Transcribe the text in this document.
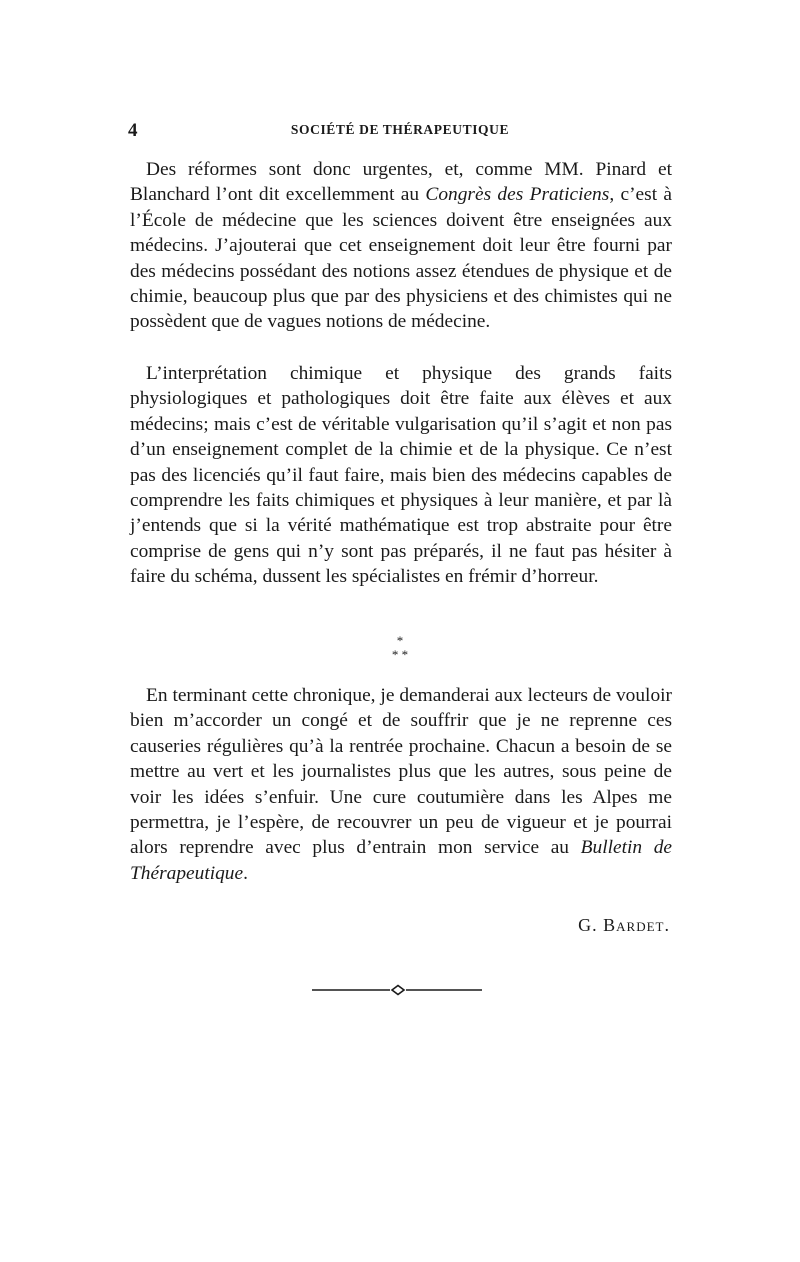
4	SOCIÉTÉ DE THÉRAPEUTIQUE

Des réformes sont donc urgentes, et, comme MM. Pinard et Blanchard l’ont dit excellemment au Congrès des Praticiens, c’est à l’École de médecine que les sciences doivent être enseignées aux médecins. J’ajouterai que cet enseignement doit leur être fourni par des médecins possédant des notions assez étendues de physique et de chimie, beaucoup plus que par des physiciens et des chimistes qui ne possèdent que de vagues notions de médecine.

L’interprétation chimique et physique des grands faits physiologiques et pathologiques doit être faite aux élèves et aux médecins; mais c’est de véritable vulgarisation qu’il s’agit et non pas d’un enseignement complet de la chimie et de la physique. Ce n’est pas des licenciés qu’il faut faire, mais bien des médecins capables de comprendre les faits chimiques et physiques à leur manière, et par là j’entends que si la vérité mathématique est trop abstraite pour être comprise de gens qui n’y sont pas préparés, il ne faut pas hésiter à faire du schéma, dussent les spécialistes en frémir d’horreur.

*
* *

En terminant cette chronique, je demanderai aux lecteurs de vouloir bien m’accorder un congé et de souffrir que je ne reprenne ces causeries régulières qu’à la rentrée prochaine. Chacun a besoin de se mettre au vert et les journalistes plus que les autres, sous peine de voir les idées s’enfuir. Une cure coutumière dans les Alpes me permettra, je l’espère, de recouvrer un peu de vigueur et je pourrai alors reprendre avec plus d’entrain mon service au Bulletin de Thérapeutique.

G. Bardet.
